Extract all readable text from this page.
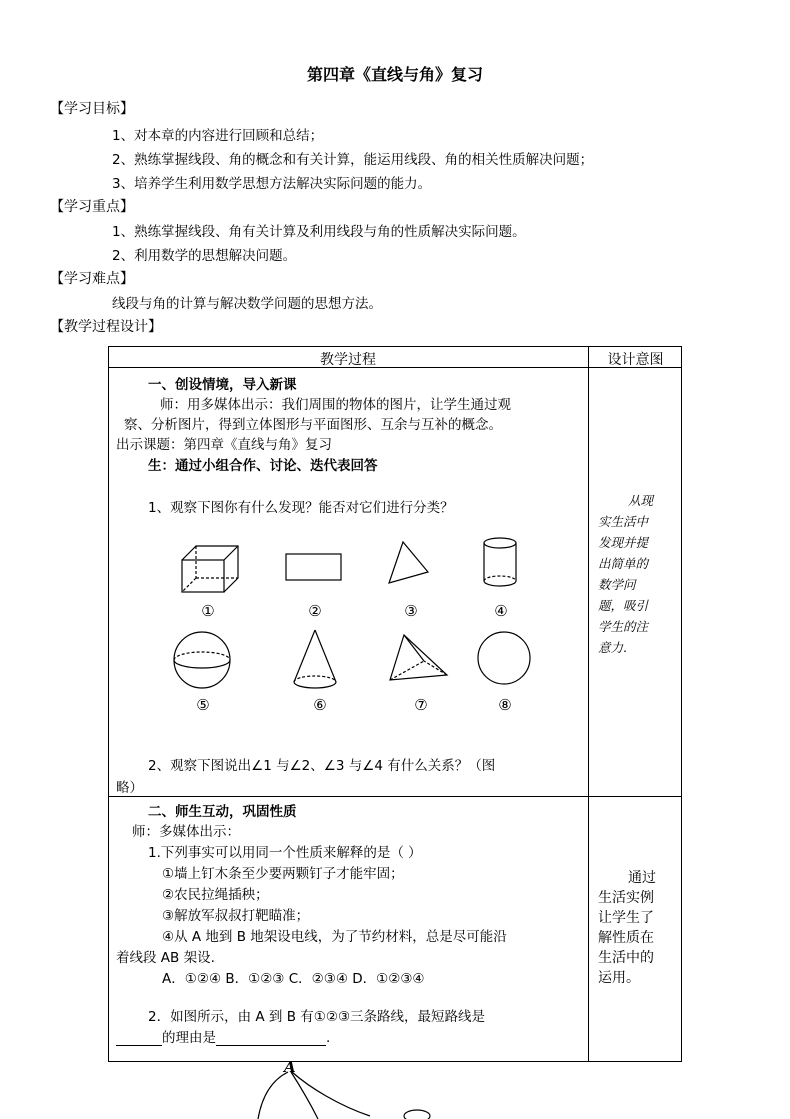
第四章《直线与角》复习
【学习目标】
1、对本章的内容进行回顾和总结；
2、熟练掌握线段、角的概念和有关计算，能运用线段、角的相关性质解决问题；
3、培养学生利用数学思想方法解决实际问题的能力。
【学习重点】
1、熟练掌握线段、角有关计算及利用线段与角的性质解决实际问题。
2、利用数学的思想解决问题。
【学习难点】
线段与角的计算与解决数学问题的思想方法。
【教学过程设计】
教学过程	设计意图
一、创设情境，导入新课
师：用多媒体出示：我们周围的物体的图片，让学生通过观
察、分析图片，得到立体图形与平面图形、互余与互补的概念。
出示课题：第四章《直线与角》复习
生：通过小组合作、讨论、迭代表回答
1、观察下图你有什么发现？能否对它们进行分类？
①	②	③	④
⑤	⑥	⑦	⑧
2、观察下图说出∠1 与∠2、∠3 与∠4 有什么关系？（图
略）
从现
实生活中
发现并提
出简单的
数学问
题，吸引
学生的注
意力.
二、师生互动，巩固性质
师：多媒体出示：
1.下列事实可以用同一个性质来解释的是（ ）
①墙上钉木条至少要两颗钉子才能牢固；
②农民拉绳插秧；
③解放军叔叔打靶瞄准；
④从 A 地到 B 地架设电线，为了节约材料，总是尽可能沿
着线段 AB 架设.
A．①②④ B．①②③ C．②③④ D．①②③④
2．如图所示，由 A 到 B 有①②③三条路线，最短路线是
的理由是	.
通过
生活实例
让学生了
解性质在
生活中的
运用。
A
